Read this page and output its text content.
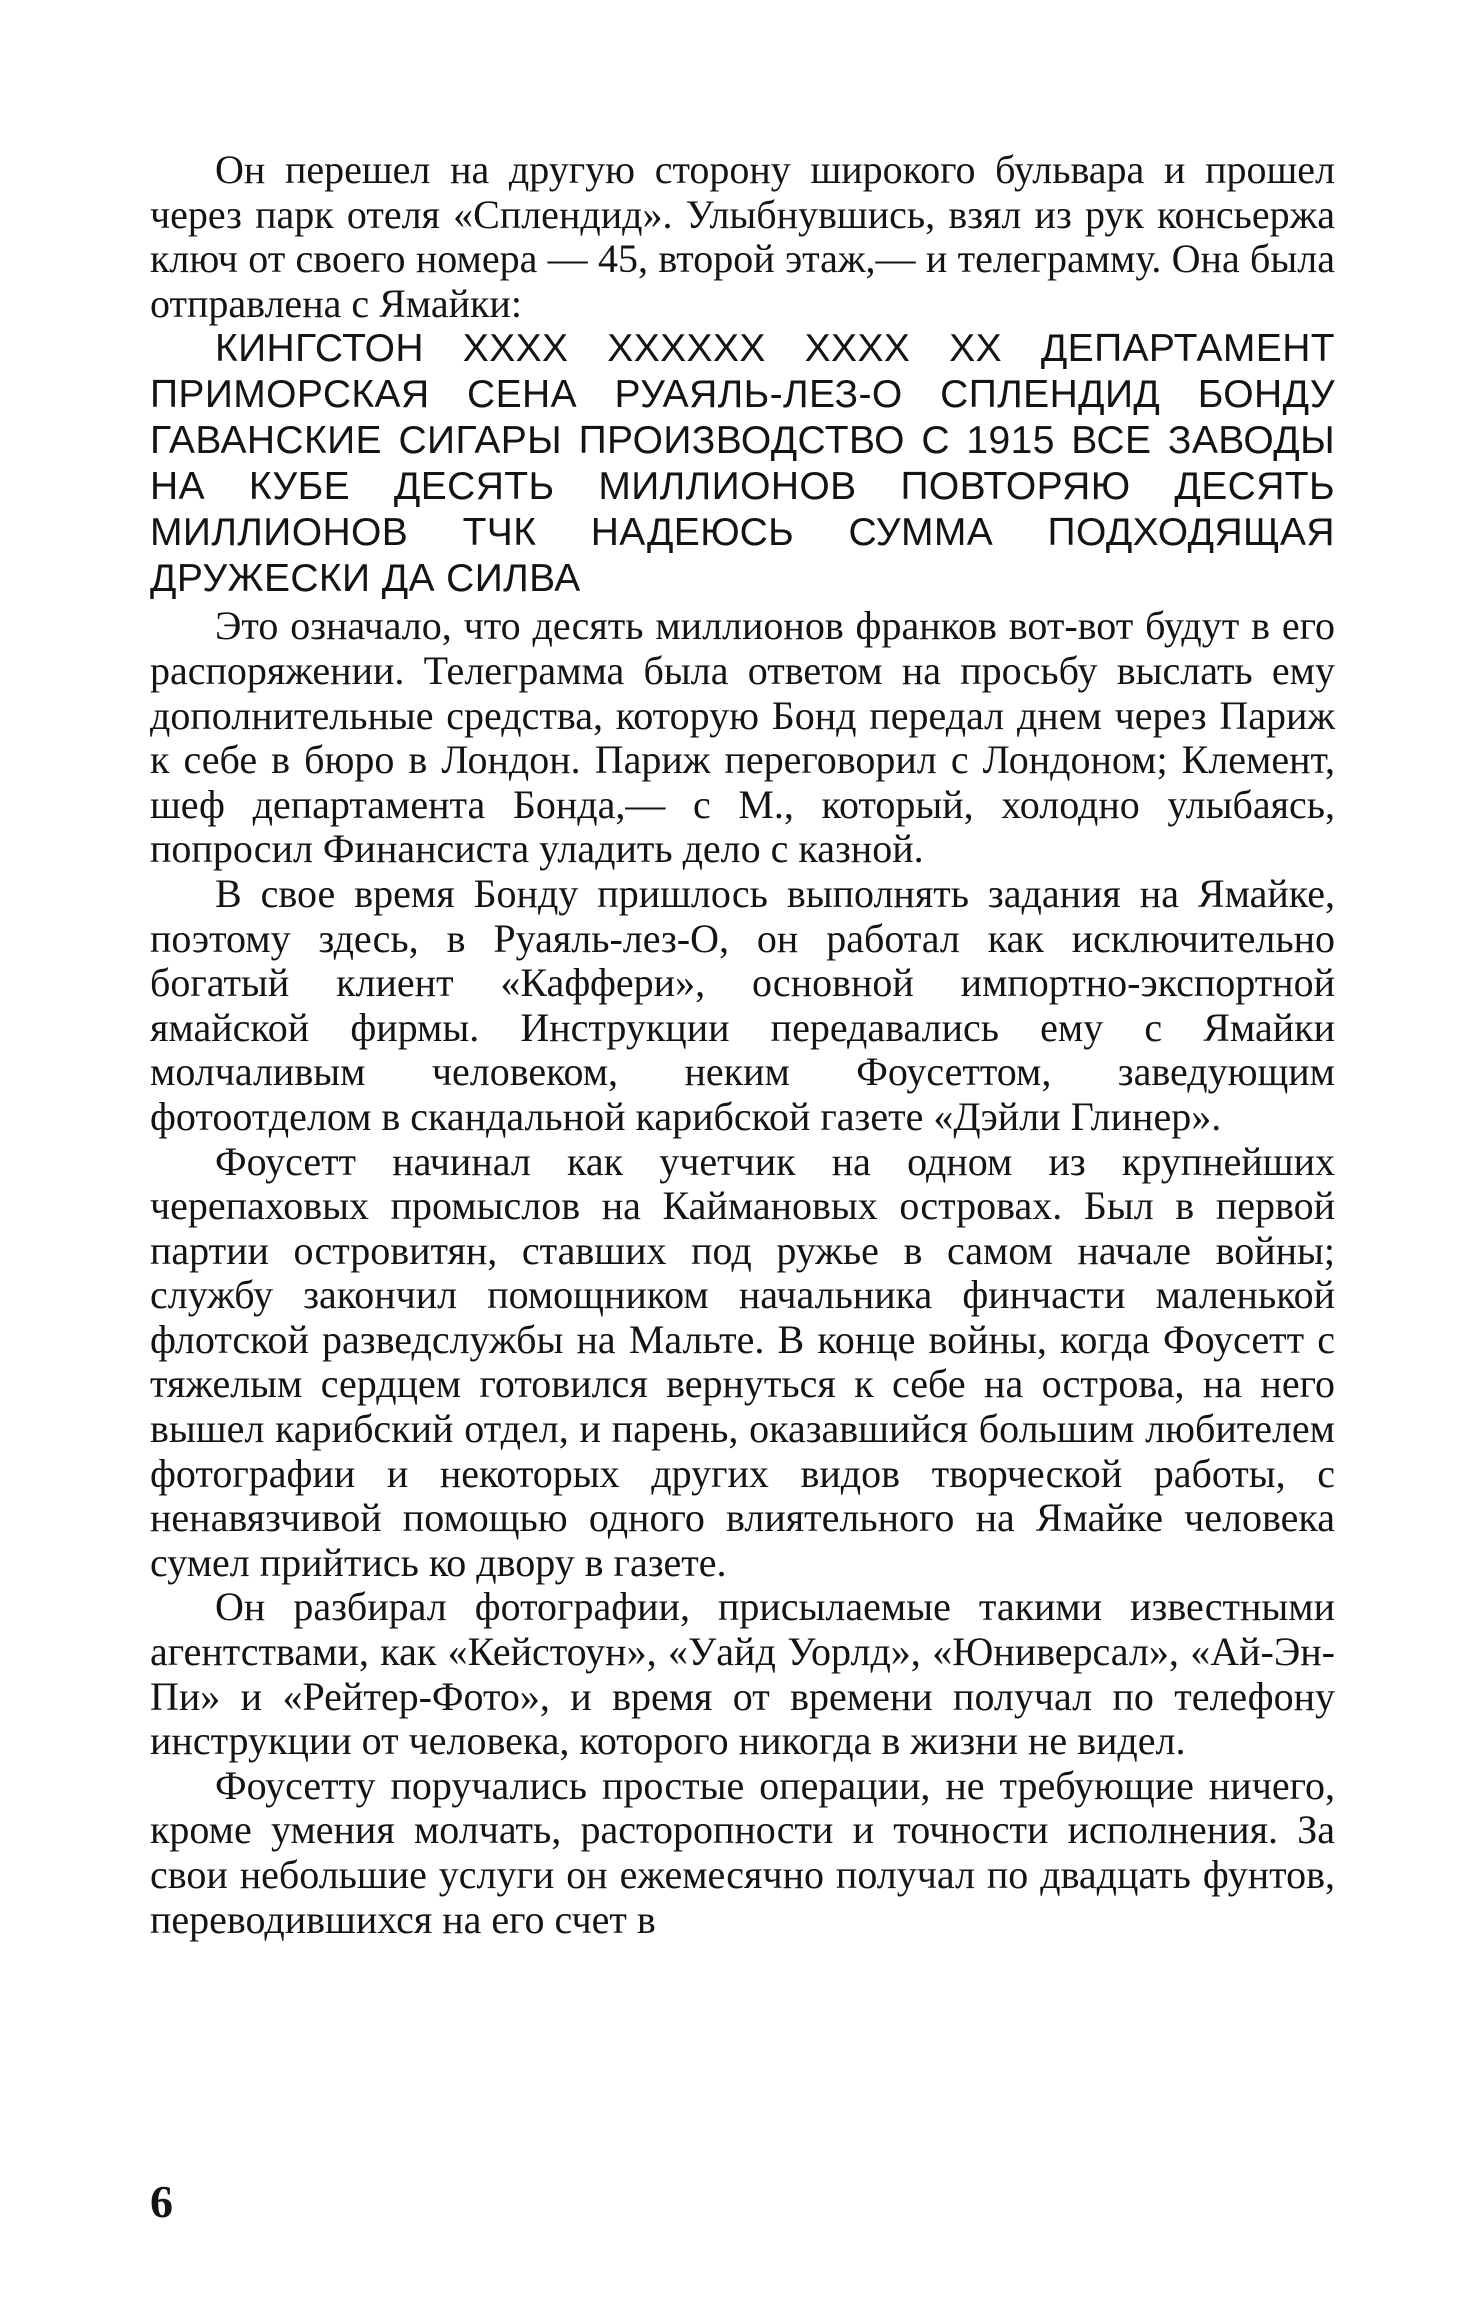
Он перешел на другую сторону широкого бульвара и прошел через парк отеля «Сплендид». Улыбнувшись, взял из рук консьержа ключ от своего номера — 45, второй этаж,— и телеграмму. Она была отправлена с Ямайки:

КИНГСТОН XXXX XXXXXX XXXX XX ДЕПАРТАМЕНТ ПРИМОРСКАЯ СЕНА РУАЯЛЬ-ЛЕЗ-О СПЛЕНДИД БОНДУ ГАВАНСКИЕ СИГАРЫ ПРОИЗВОДСТВО С 1915 ВСЕ ЗАВОДЫ НА КУБЕ ДЕСЯТЬ МИЛЛИОНОВ ПОВТОРЯЮ ДЕСЯТЬ МИЛЛИОНОВ ТЧК НАДЕЮСЬ СУММА ПОДХОДЯЩАЯ ДРУЖЕСКИ ДА СИЛВА

Это означало, что десять миллионов франков вот-вот будут в его распоряжении. Телеграмма была ответом на просьбу выслать ему дополнительные средства, которую Бонд передал днем через Париж к себе в бюро в Лондон. Париж переговорил с Лондоном; Клемент, шеф департамента Бонда,— с М., который, холодно улыбаясь, попросил Финансиста уладить дело с казной.

В свое время Бонду пришлось выполнять задания на Ямайке, поэтому здесь, в Руаяль-лез-О, он работал как исключительно богатый клиент «Каффери», основной импортно-экспортной ямайской фирмы. Инструкции передавались ему с Ямайки молчаливым человеком, неким Фоусеттом, заведующим фотоотделом в скандальной карибской газете «Дэйли Глинер».

Фоусетт начинал как учетчик на одном из крупнейших черепаховых промыслов на Каймановых островах. Был в первой партии островитян, ставших под ружье в самом начале войны; службу закончил помощником начальника финчасти маленькой флотской разведслужбы на Мальте. В конце войны, когда Фоусетт с тяжелым сердцем готовился вернуться к себе на острова, на него вышел карибский отдел, и парень, оказавшийся большим любителем фотографии и некоторых других видов творческой работы, с ненавязчивой помощью одного влиятельного на Ямайке человека сумел прийтись ко двору в газете.

Он разбирал фотографии, присылаемые такими известными агентствами, как «Кейстоун», «Уайд Уорлд», «Юниверсал», «Ай-Эн-Пи» и «Рейтер-Фото», и время от времени получал по телефону инструкции от человека, которого никогда в жизни не видел.

Фоусетту поручались простые операции, не требующие ничего, кроме умения молчать, расторопности и точности исполнения. За свои небольшие услуги он ежемесячно получал по двадцать фунтов, переводившихся на его счет в

6
